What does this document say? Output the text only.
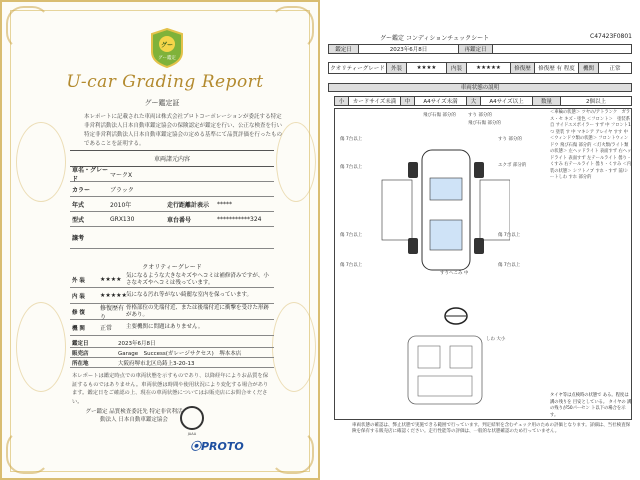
グー
グー鑑定
U-car Grading Report
グー鑑定証
本レポートに記載された車両は株式会社プロトコーポレーションが委託する特定非営利活動法人日本自動車鑑定協会の保険認定が鑑定を行い、公正な検査を行い特定非営利活動法人日本自動車鑑定協会の定める基準にて品質評価を行ったものであることを証明する。
車両諸元内容
車名・グレード
マークX
カラー	ブラック
年式	2010年	走行距離計表示	*****
型式	GRX130	車台番号	***********324
譲考
クオリティーグレード
外 装	★★★★
気になるような大きなキズやヘコミは補修済みですが、小さなキズやヘコミは残っています。
内 装	★★★★★ 気になる汚れ等がない綺麗な室内を保っています。
修 復
修復歴有り
骨格部位の先端付近、または後端付近に衝撃を受けた形跡があり。
機 関	正常	主要機関に問題はありません。
鑑定日	2023年6月8日
販売店	Garage　Success(ガレージサクセス)　堺本本店
所在地	大阪府堺市北区鳥鋳上3-20-13
本レポートは鑑定時点での車両状態を示すものであり、以降経年によりお品質を保証するものではありません。車両状態は時間や使用状況により変化する場合があります。鑑定日をご確認の上、現在の車両状態についてはお販売店にお問合せください。
グー鑑定 品質検査委託先 特定非営利活動法人 日本自動車鑑定協会
JAAA
⦿PROTO
グー鑑定 コンディションチェックシート	C47423F0801
鑑定日	2023年6月8日	再鑑定日
クオリティーグレード	外装	★★★★	内装	★★★★★	修復歴	修復歴 有 程度	機関	正常
車両状態の説明
小	カードサイズ未満	中	A4サイズ未満	大	A4サイズ以上	数量	2個以上
飛び石傷 部分的	すり 部分的
飛び石傷 部分的
傷 7台以上
傷 7台以上	エクボ 部分的
傷 7台以上	傷 7台以上
傷 7台以上
すりへこみ 中
すり 部分的
しわ 大小
傷 7台以上
＜車輪の状態＞ ツヤの/アトランク　ガラス・セ キズ・塗色 ＜フロント＞　塗装系 自 サイドエスポイラー すず 中 フロント1つ 塗装 す 中 マキシア アレイヤ すす 中 ＜ウィンドウ類の状態＞ フロントウィンドウ 飛び石傷 部分的 ＜灯火類/ライト類の状態＞ 左ヘッドライト 表面すず 右ヘッドライト 表面すず 左テールライト 曇り・くすみ 右テールライト 曇り・くすみ ＜内装の状態＞ シフトノブ すれ・すず 前/シートしわ すれ 部分的
タイヤ等は点検時の状態で ある。程度は溝の残りを 目安としている。 タイヤの 溝の残りが50パーセン ト以下の場合を示す。
車両状態の確認は、弊止状態で実施できる範囲で行っています。判定結果を含むチェック用のための評価となります。詳細は、当社検査保険を保有する販売店に確認ください。走行性能等の評価は、一般的な状態確認のため行っていません。
